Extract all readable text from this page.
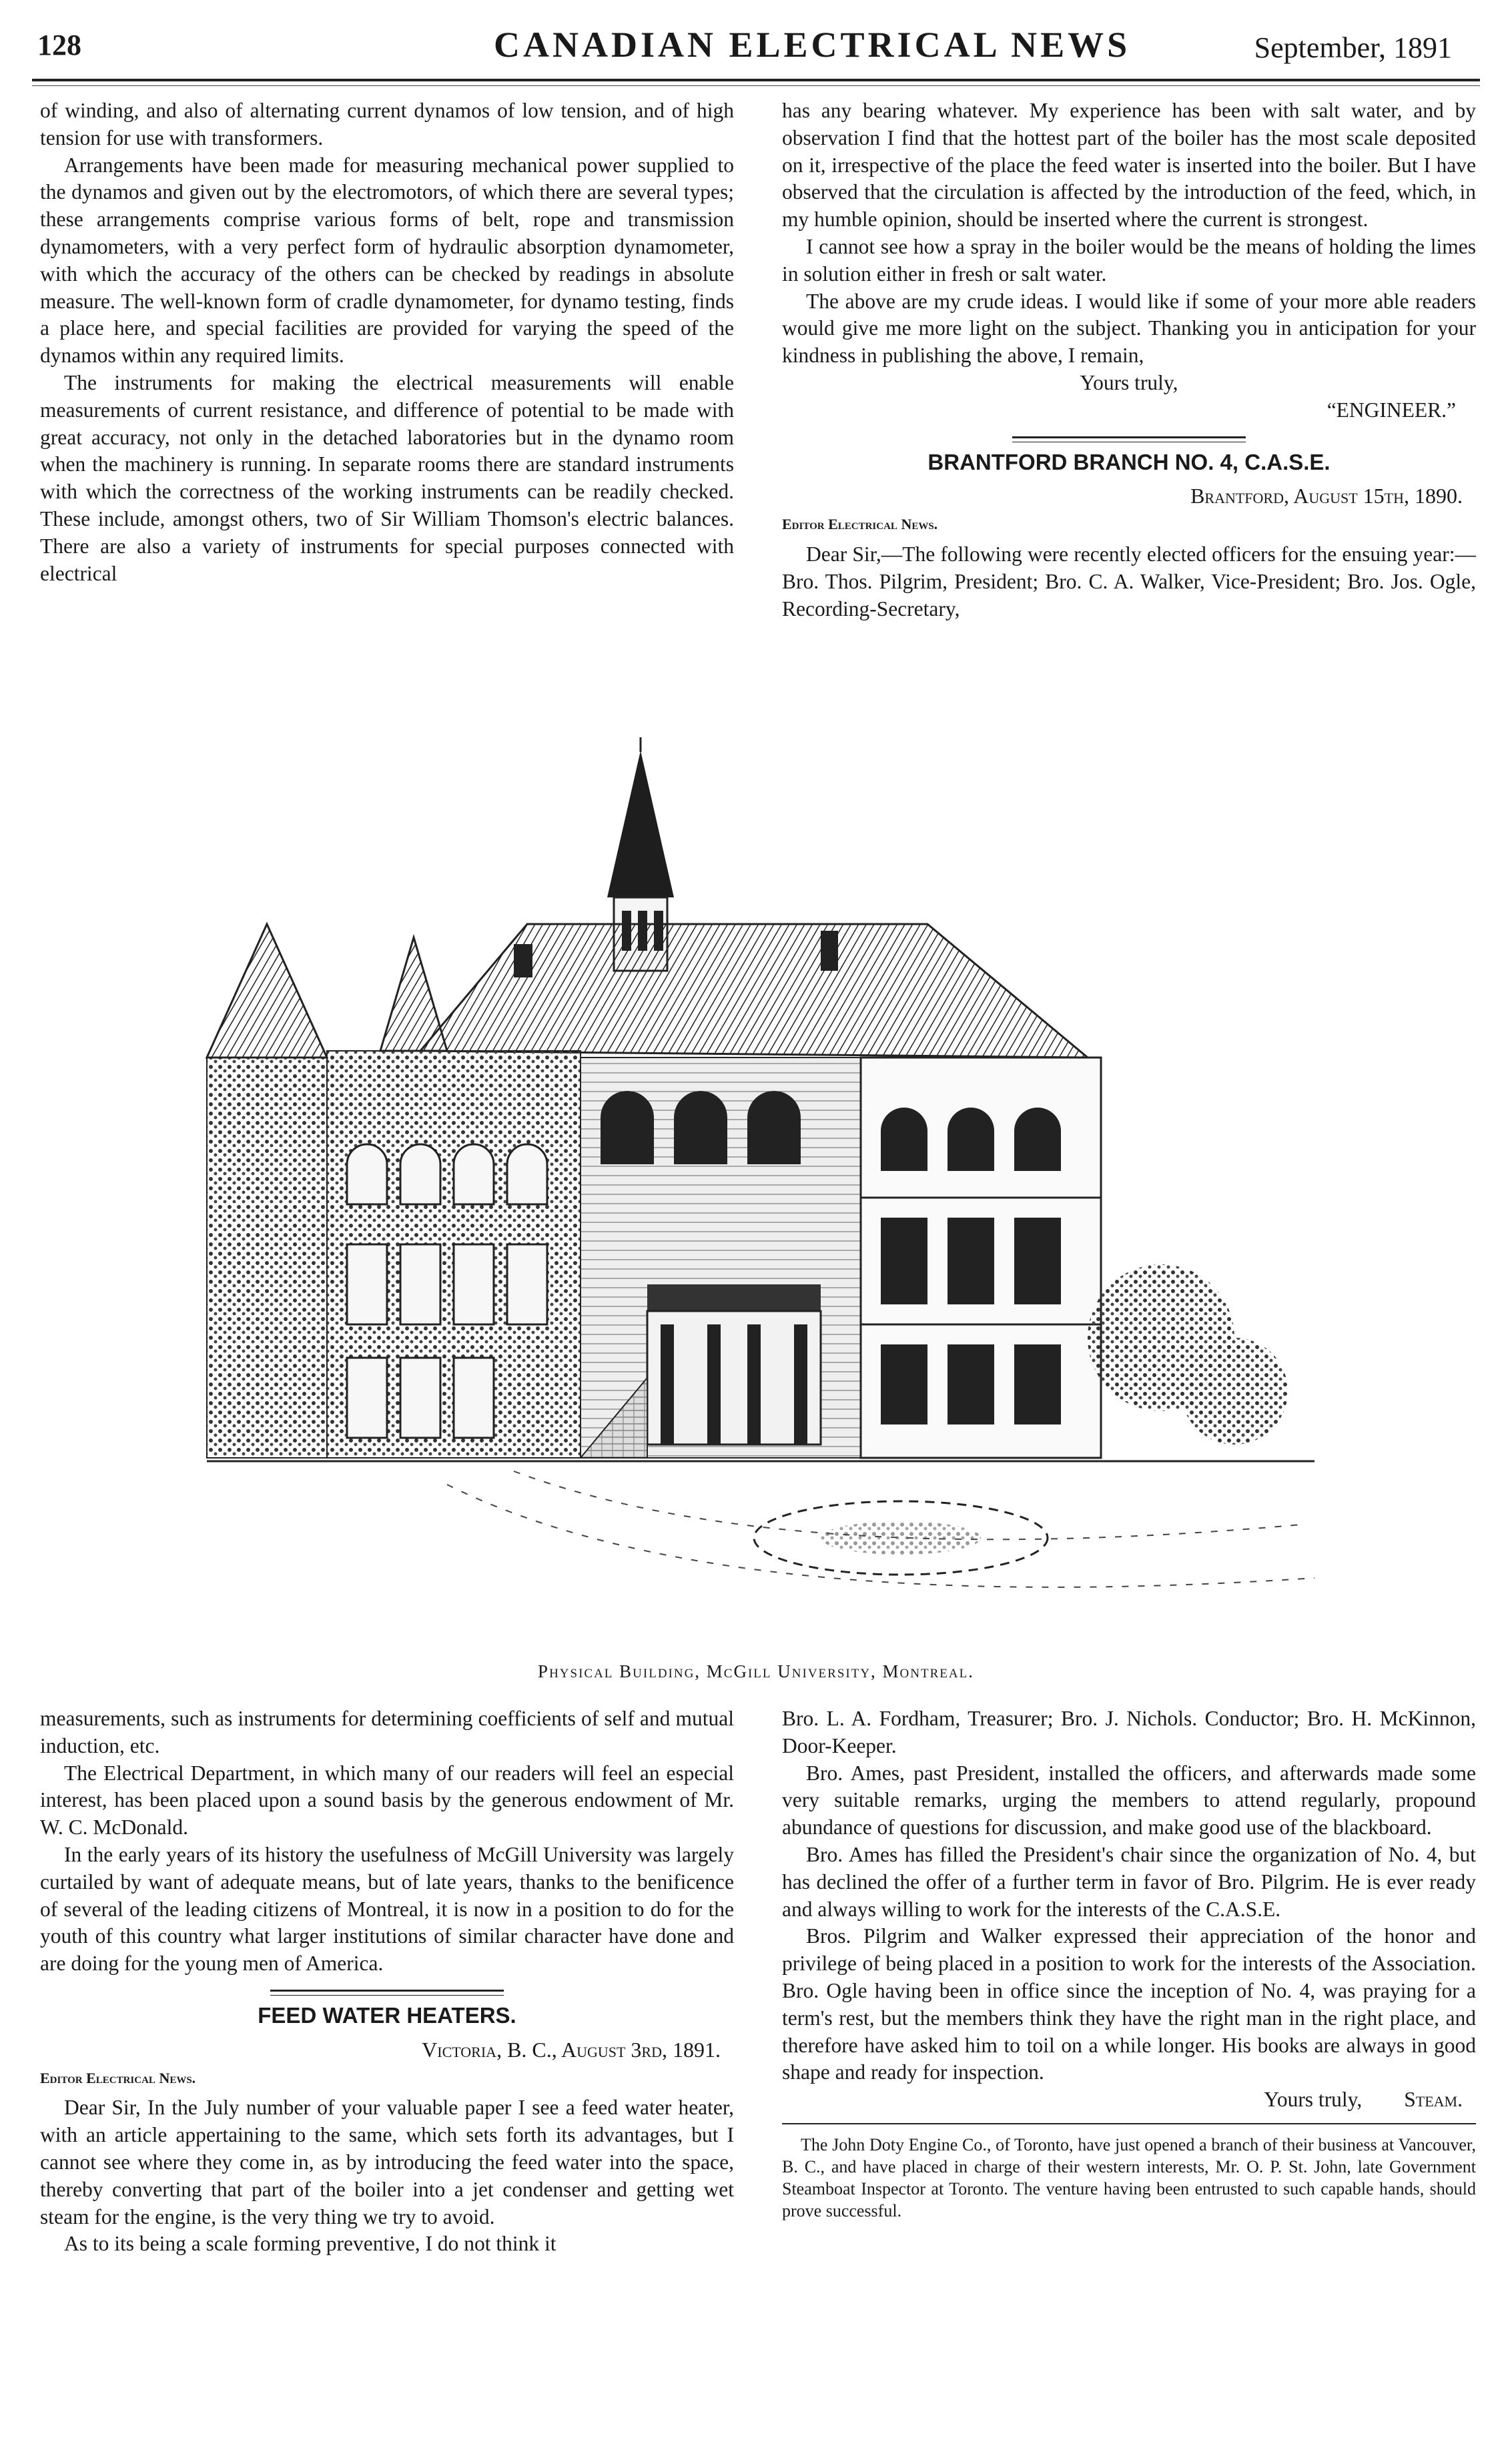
128	CANADIAN ELECTRICAL NEWS	September, 1891

of winding, and also of alternating current dynamos of low tension, and of high tension for use with transformers.

Arrangements have been made for measuring mechanical power supplied to the dynamos and given out by the electromotors, of which there are several types; these arrangements comprise various forms of belt, rope and transmission dynamometers, with a very perfect form of hydraulic absorption dynamometer, with which the accuracy of the others can be checked by readings in absolute measure. The well-known form of cradle dynamometer, for dynamo testing, finds a place here, and special facilities are provided for varying the speed of the dynamos within any required limits.

The instruments for making the electrical measurements will enable measurements of current resistance, and difference of potential to be made with great accuracy, not only in the detached laboratories but in the dynamo room when the machinery is running. In separate rooms there are standard instruments with which the correctness of the working instruments can be readily checked. These include, amongst others, two of Sir William Thomson's electric balances. There are also a variety of instruments for special purposes connected with electrical

has any bearing whatever. My experience has been with salt water, and by observation I find that the hottest part of the boiler has the most scale deposited on it, irrespective of the place the feed water is inserted into the boiler. But I have observed that the circulation is affected by the introduction of the feed, which, in my humble opinion, should be inserted where the current is strongest.

I cannot see how a spray in the boiler would be the means of holding the limes in solution either in fresh or salt water.

The above are my crude ideas. I would like if some of your more able readers would give me more light on the subject. Thanking you in anticipation for your kindness in publishing the above, I remain,

Yours truly,

“ENGINEER.”

BRANTFORD BRANCH NO. 4, C.A.S.E.
Brantford, August 15th, 1890.

Editor Electrical News.

Dear Sir,—The following were recently elected officers for the ensuing year:—Bro. Thos. Pilgrim, President; Bro. C. A. Walker, Vice-President; Bro. Jos. Ogle, Recording-Secretary,

Physical Building, McGill University, Montreal.

measurements, such as instruments for determining coefficients of self and mutual induction, etc.

The Electrical Department, in which many of our readers will feel an especial interest, has been placed upon a sound basis by the generous endowment of Mr. W. C. McDonald.

In the early years of its history the usefulness of McGill University was largely curtailed by want of adequate means, but of late years, thanks to the benificence of several of the leading citizens of Montreal, it is now in a position to do for the youth of this country what larger institutions of similar character have done and are doing for the young men of America.

FEED WATER HEATERS.
Victoria, B. C., August 3rd, 1891.

Editor Electrical News.

Dear Sir, In the July number of your valuable paper I see a feed water heater, with an article appertaining to the same, which sets forth its advantages, but I cannot see where they come in, as by introducing the feed water into the space, thereby converting that part of the boiler into a jet condenser and getting wet steam for the engine, is the very thing we try to avoid.

As to its being a scale forming preventive, I do not think it

Bro. L. A. Fordham, Treasurer; Bro. J. Nichols. Conductor; Bro. H. McKinnon, Door-Keeper.

Bro. Ames, past President, installed the officers, and afterwards made some very suitable remarks, urging the members to attend regularly, propound abundance of questions for discussion, and make good use of the blackboard.

Bro. Ames has filled the President's chair since the organization of No. 4, but has declined the offer of a further term in favor of Bro. Pilgrim. He is ever ready and always willing to work for the interests of the C.A.S.E.

Bros. Pilgrim and Walker expressed their appreciation of the honor and privilege of being placed in a position to work for the interests of the Association. Bro. Ogle having been in office since the inception of No. 4, was praying for a term's rest, but the members think they have the right man in the right place, and therefore have asked him to toil on a while longer. His books are always in good shape and ready for inspection.

Yours truly, Steam.

The John Doty Engine Co., of Toronto, have just opened a branch of their business at Vancouver, B. C., and have placed in charge of their western interests, Mr. O. P. St. John, late Government Steamboat Inspector at Toronto. The venture having been entrusted to such capable hands, should prove successful.
